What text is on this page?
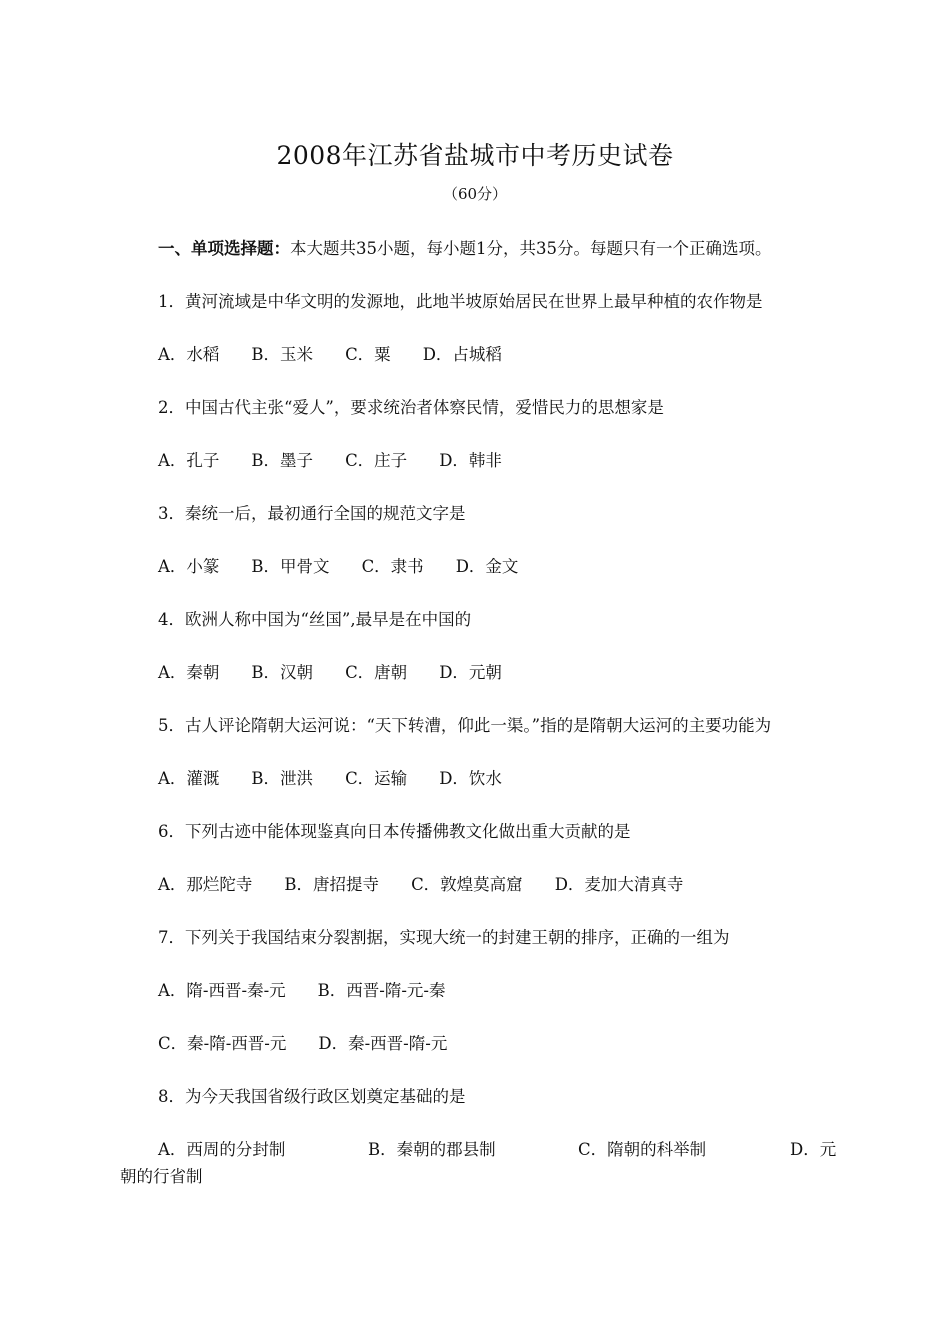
2008年江苏省盐城市中考历史试卷
（60分）
一、单项选择题：本大题共35小题，每小题1分，共35分。每题只有一个正确选项。
1．黄河流域是中华文明的发源地，此地半坡原始居民在世界上最早种植的农作物是
A．水稻 B．玉米 C．粟 D．占城稻
2．中国古代主张“爱人”，要求统治者体察民情，爱惜民力的思想家是
A．孔子 B．墨子 C．庄子 D．韩非
3．秦统一后，最初通行全国的规范文字是
A．小篆 B．甲骨文 C．隶书 D．金文
4．欧洲人称中国为“丝国”,最早是在中国的
A．秦朝 B．汉朝 C．唐朝 D．元朝
5．古人评论隋朝大运河说：“天下转漕，仰此一渠。”指的是隋朝大运河的主要功能为
A．灌溉 B．泄洪 C．运输 D．饮水
6．下列古迹中能体现鉴真向日本传播佛教文化做出重大贡献的是
A．那烂陀寺 B．唐招提寺 C．敦煌莫高窟 D．麦加大清真寺
7．下列关于我国结束分裂割据，实现大统一的封建王朝的排序，正确的一组为
A．隋-西晋-秦-元 B．西晋-隋-元-秦
C．秦-隋-西晋-元 D．秦-西晋-隋-元
8．为今天我国省级行政区划奠定基础的是
A．西周的分封制	B．秦朝的郡县制	C．隋朝的科举制	D．元
朝的行省制
